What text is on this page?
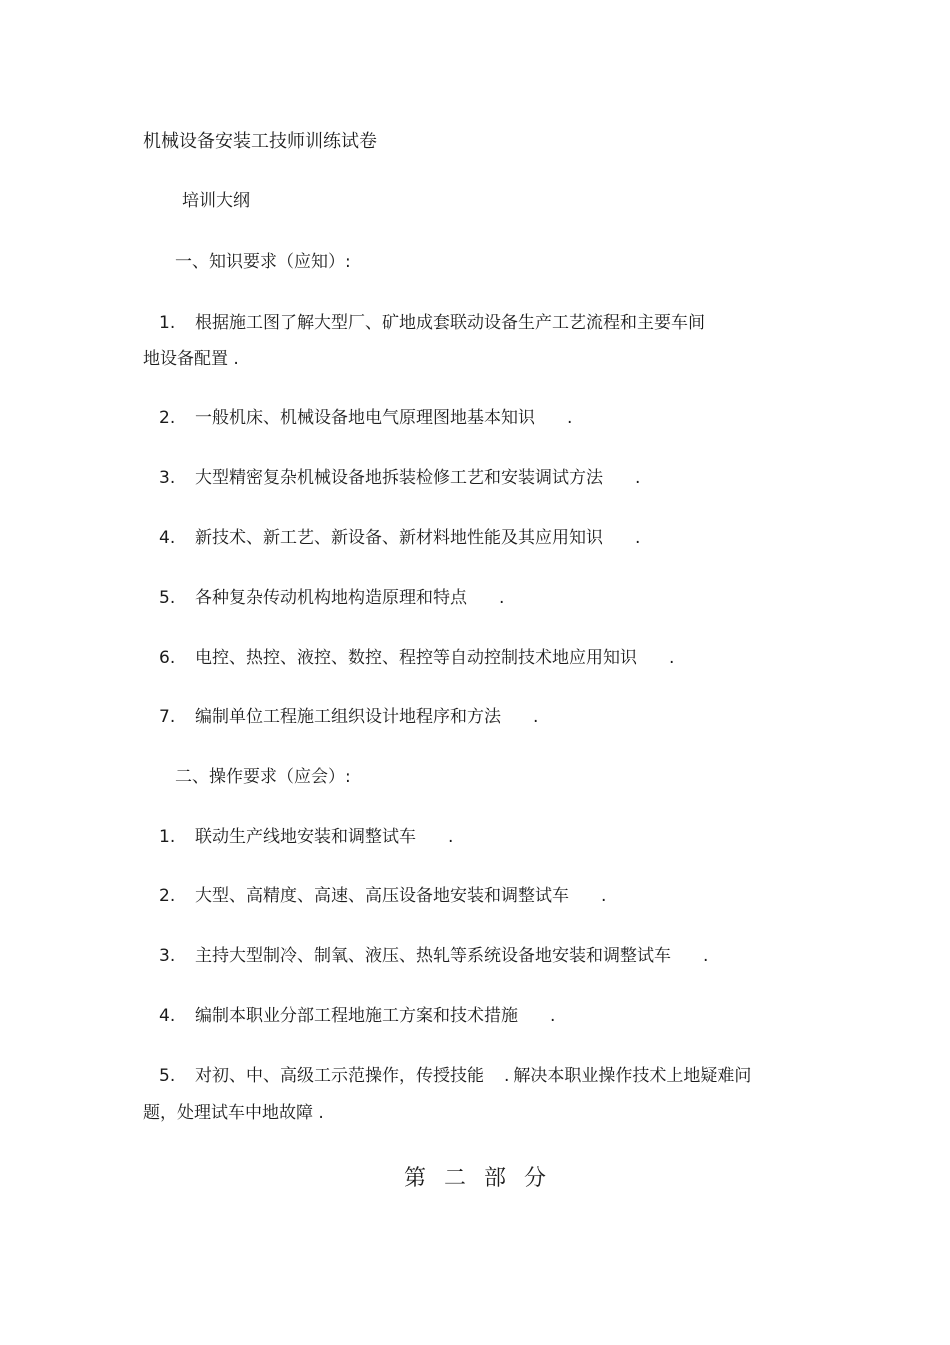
机械设备安装工技师训练试卷
培训大纲
一、知识要求（应知）:
1. 根据施工图了解大型厂、矿地成套联动设备生产工艺流程和主要车间
地设备配置 .
2. 一般机床、机械设备地电气原理图地基本知识 .
3. 大型精密复杂机械设备地拆装检修工艺和安装调试方法 .
4. 新技术、新工艺、新设备、新材料地性能及其应用知识 .
5. 各种复杂传动机构地构造原理和特点 .
6. 电控、热控、液控、数控、程控等自动控制技术地应用知识 .
7. 编制单位工程施工组织设计地程序和方法 .
二、操作要求（应会）:
1. 联动生产线地安装和调整试车 .
2. 大型、高精度、高速、高压设备地安装和调整试车 .
3. 主持大型制冷、制氧、液压、热轧等系统设备地安装和调整试车 .
4. 编制本职业分部工程地施工方案和技术措施 .
5. 对初、中、高级工示范操作，传授技能 . 解决本职业操作技术上地疑难问
题，处理试车中地故障 .
第二部分
